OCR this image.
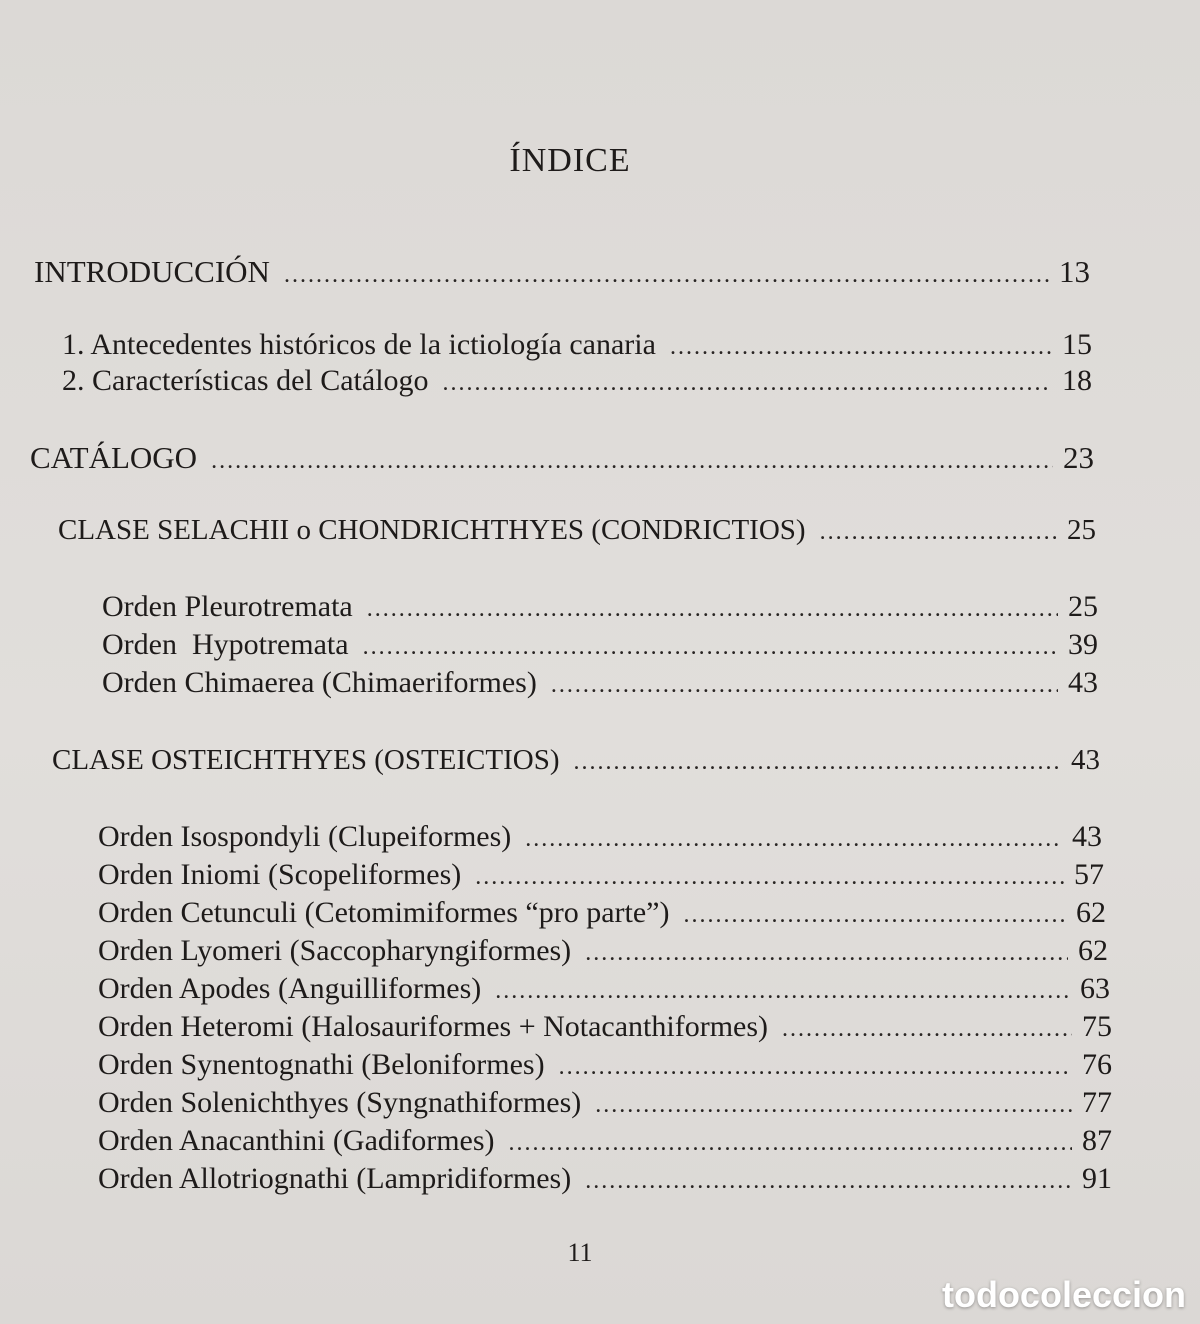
ÍNDICE
INTRODUCCIÓN .....	13
1. Antecedentes históricos de la ictiología canaria .....	15
2. Características del Catálogo .....	18
CATÁLOGO .....	23
CLASE SELACHII o CHONDRICHTHYES (CONDRICTIOS) .....	25
Orden Pleurotremata .....	25
Orden  Hypotremata .....	39
Orden Chimaerea (Chimaeriformes) .....	43
CLASE OSTEICHTHYES (OSTEICTIOS) .....	43
Orden Isospondyli (Clupeiformes) .....	43
Orden Iniomi (Scopeliformes) .....	57
Orden Cetunculi (Cetomimiformes “pro parte”) .....	62
Orden Lyomeri (Saccopharyngiformes) .....	62
Orden Apodes (Anguilliformes) .....	63
Orden Heteromi (Halosauriformes + Notacanthiformes) .....	75
Orden Synentognathi (Beloniformes) .....	76
Orden Solenichthyes (Syngnathiformes) .....	77
Orden Anacanthini (Gadiformes) .....	87
Orden Allotriognathi (Lampridiformes) .....	91
11
todocoleccion
